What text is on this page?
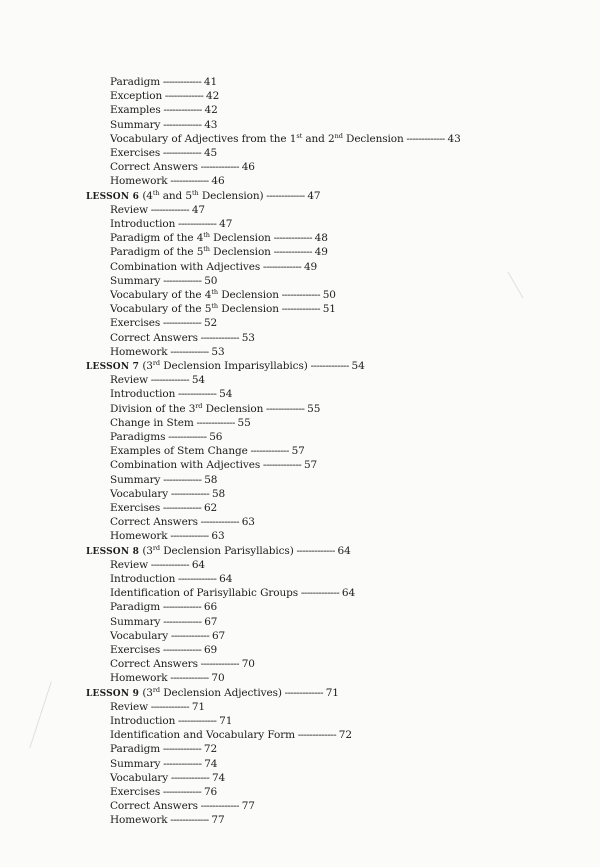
Paradigm ------------- 41
Exception ------------- 42
Examples ------------- 42
Summary ------------- 43
Vocabulary of Adjectives from the 1st and 2nd Declension ------------- 43
Exercises ------------- 45
Correct Answers ------------- 46
Homework ------------- 46
LESSON 6 (4th and 5th Declension) ------------- 47
Review ------------- 47
Introduction ------------- 47
Paradigm of the 4th Declension ------------- 48
Paradigm of the 5th Declension ------------- 49
Combination with Adjectives ------------- 49
Summary ------------- 50
Vocabulary of the 4th Declension ------------- 50
Vocabulary of the 5th Declension ------------- 51
Exercises ------------- 52
Correct Answers ------------- 53
Homework ------------- 53
LESSON 7 (3rd Declension Imparisyllabics) ------------- 54
Review ------------- 54
Introduction ------------- 54
Division of the 3rd Declension ------------- 55
Change in Stem ------------- 55
Paradigms ------------- 56
Examples of Stem Change ------------- 57
Combination with Adjectives ------------- 57
Summary ------------- 58
Vocabulary ------------- 58
Exercises ------------- 62
Correct Answers ------------- 63
Homework ------------- 63
LESSON 8 (3rd Declension Parisyllabics) ------------- 64
Review ------------- 64
Introduction ------------- 64
Identification of Parisyllabic Groups ------------- 64
Paradigm ------------- 66
Summary ------------- 67
Vocabulary ------------- 67
Exercises ------------- 69
Correct Answers ------------- 70
Homework ------------- 70
LESSON 9 (3rd Declension Adjectives) ------------- 71
Review ------------- 71
Introduction ------------- 71
Identification and Vocabulary Form ------------- 72
Paradigm ------------- 72
Summary ------------- 74
Vocabulary ------------- 74
Exercises ------------- 76
Correct Answers ------------- 77
Homework ------------- 77
